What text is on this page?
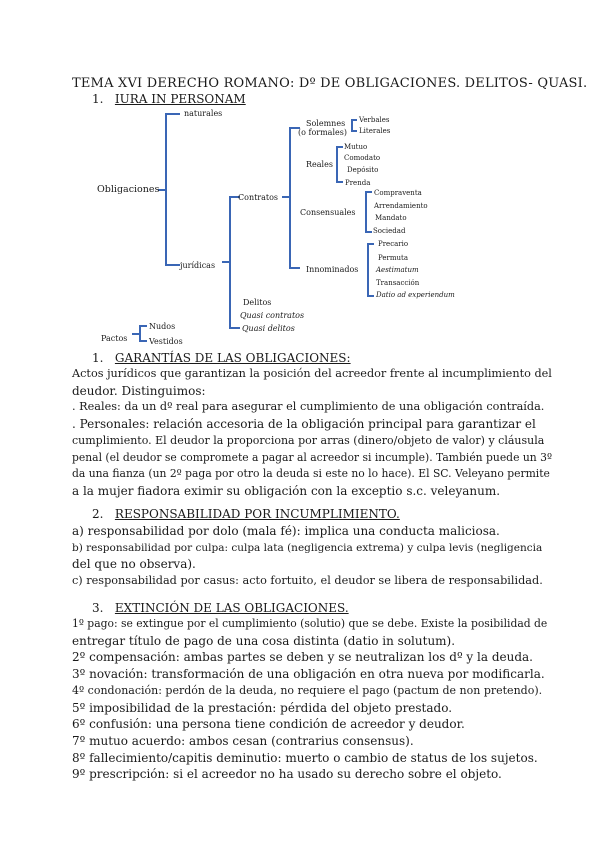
TEMA XVI DERECHO ROMANO: Dº DE OBLIGACIONES. DELITOS- QUASI.
1. IURA IN PERSONAM
Obligaciones
naturales
jurídicas
Contratos
Solemnes
(o formales)
Verbales
Literales
Reales
Mutuo
Comodato
Depósito
Prenda
Consensuales
Compraventa
Arrendamiento
Mandato
Sociedad
Innominados
Precario
Permuta
Aestimatum
Transacción
Datio ad experiendum
Delitos
Quasi contratos
Quasi delitos
Pactos
Nudos
Vestidos
1. GARANTÍAS DE LAS OBLIGACIONES:

Actos jurídicos que garantizan la posición del acreedor frente al incumplimiento del

deudor. Distinguimos:

. Reales: da un dº real para asegurar el cumplimiento de una obligación contraída.

. Personales: relación accesoria de la obligación principal para garantizar el

cumplimiento. El deudor la proporciona por arras (dinero/objeto de valor) y cláusula

penal (el deudor se compromete a pagar al acreedor si incumple). También puede un 3º

da una fianza (un 2º paga por otro la deuda si este no lo hace). El SC. Veleyano permite

a la mujer fiadora eximir su obligación con la exceptio s.c. veleyanum.

2. RESPONSABILIDAD POR INCUMPLIMIENTO.

a) responsabilidad por dolo (mala fé): implica una conducta maliciosa.

b) responsabilidad por culpa: culpa lata (negligencia extrema) y culpa levis (negligencia

del que no observa).

c) responsabilidad por casus: acto fortuito, el deudor se libera de responsabilidad.

3. EXTINCIÓN DE LAS OBLIGACIONES.

1º pago: se extingue por el cumplimiento (solutio) que se debe. Existe la posibilidad de

entregar título de pago de una cosa distinta (datio in solutum).

2º compensación: ambas partes se deben y se neutralizan los dº y la deuda.

3º novación: transformación de una obligación en otra nueva por modificarla.

4º condonación: perdón de la deuda, no requiere el pago (pactum de non pretendo).

5º imposibilidad de la prestación: pérdida del objeto prestado.

6º confusión: una persona tiene condición de acreedor y deudor.

7º mutuo acuerdo: ambos cesan (contrarius consensus).

8º fallecimiento/capitis deminutio: muerto o cambio de status de los sujetos.

9º prescripción: si el acreedor no ha usado su derecho sobre el objeto.
